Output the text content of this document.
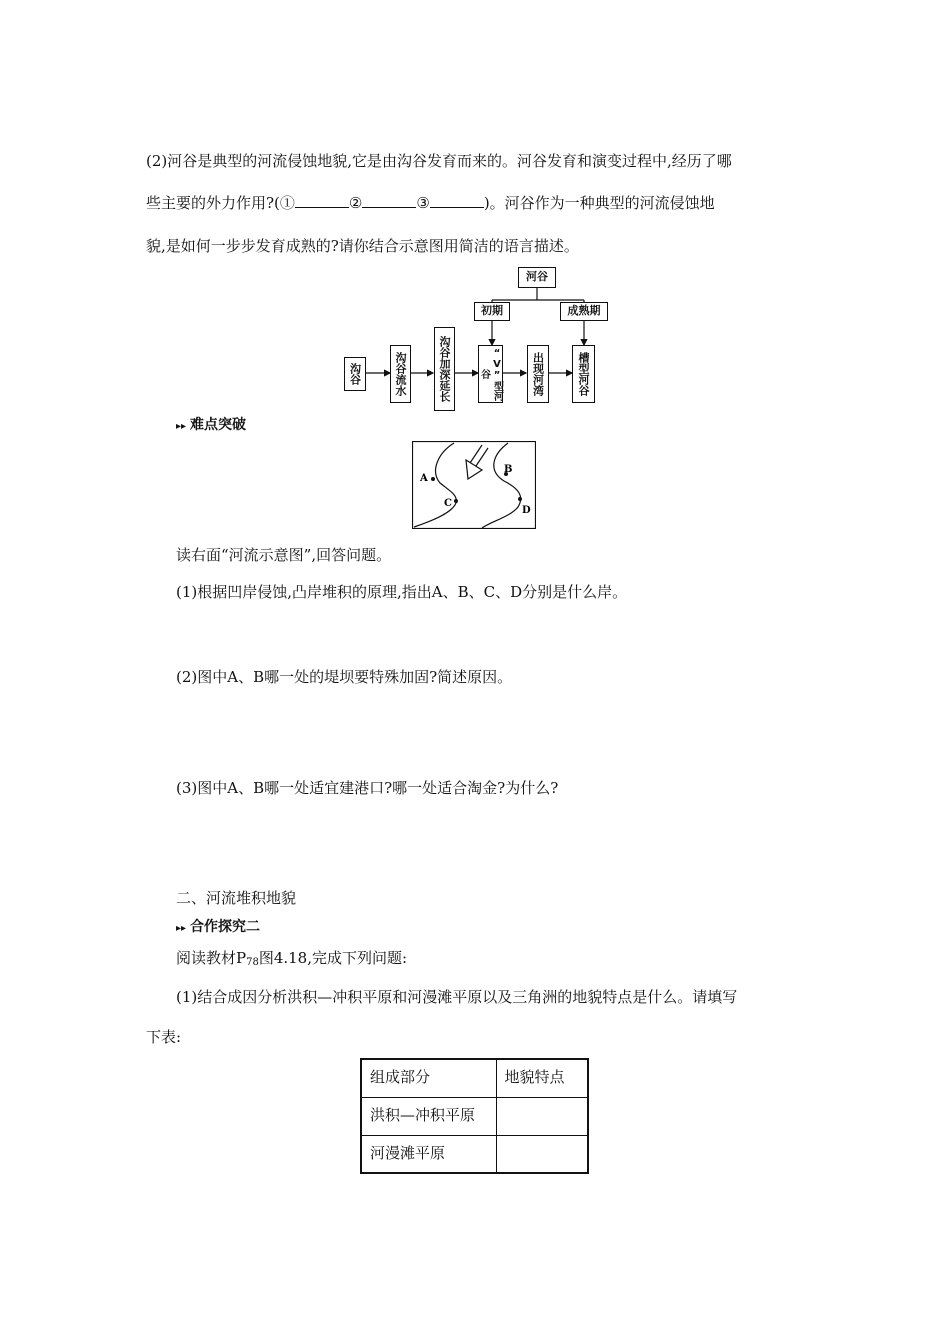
(2)河谷是典型的河流侵蚀地貌,它是由沟谷发育而来的。河谷发育和演变过程中,经历了哪
些主要的外力作用?(①	②	③	)。河谷作为一种典型的河流侵蚀地
貌,是如何一步步发育成熟的?请你结合示意图用简洁的语言描述。
河谷
初期	成熟期
沟谷	沟谷流水	沟谷加深延长	“V”型河谷	出现河湾	槽型河谷
▸▸ 难点突破
A
B
C
D
读右面“河流示意图”,回答问题。
(1)根据凹岸侵蚀,凸岸堆积的原理,指出A、B、C、D分别是什么岸。
(2)图中A、B哪一处的堤坝要特殊加固?简述原因。
(3)图中A、B哪一处适宜建港口?哪一处适合淘金?为什么?
二、河流堆积地貌
▸▸ 合作探究二
阅读教材$P_{78}$图4.18,完成下列问题:
(1)结合成因分析洪积—冲积平原和河漫滩平原以及三角洲的地貌特点是什么。请填写
下表:
组成部分	地貌特点
洪积—冲积平原	
河漫滩平原	
